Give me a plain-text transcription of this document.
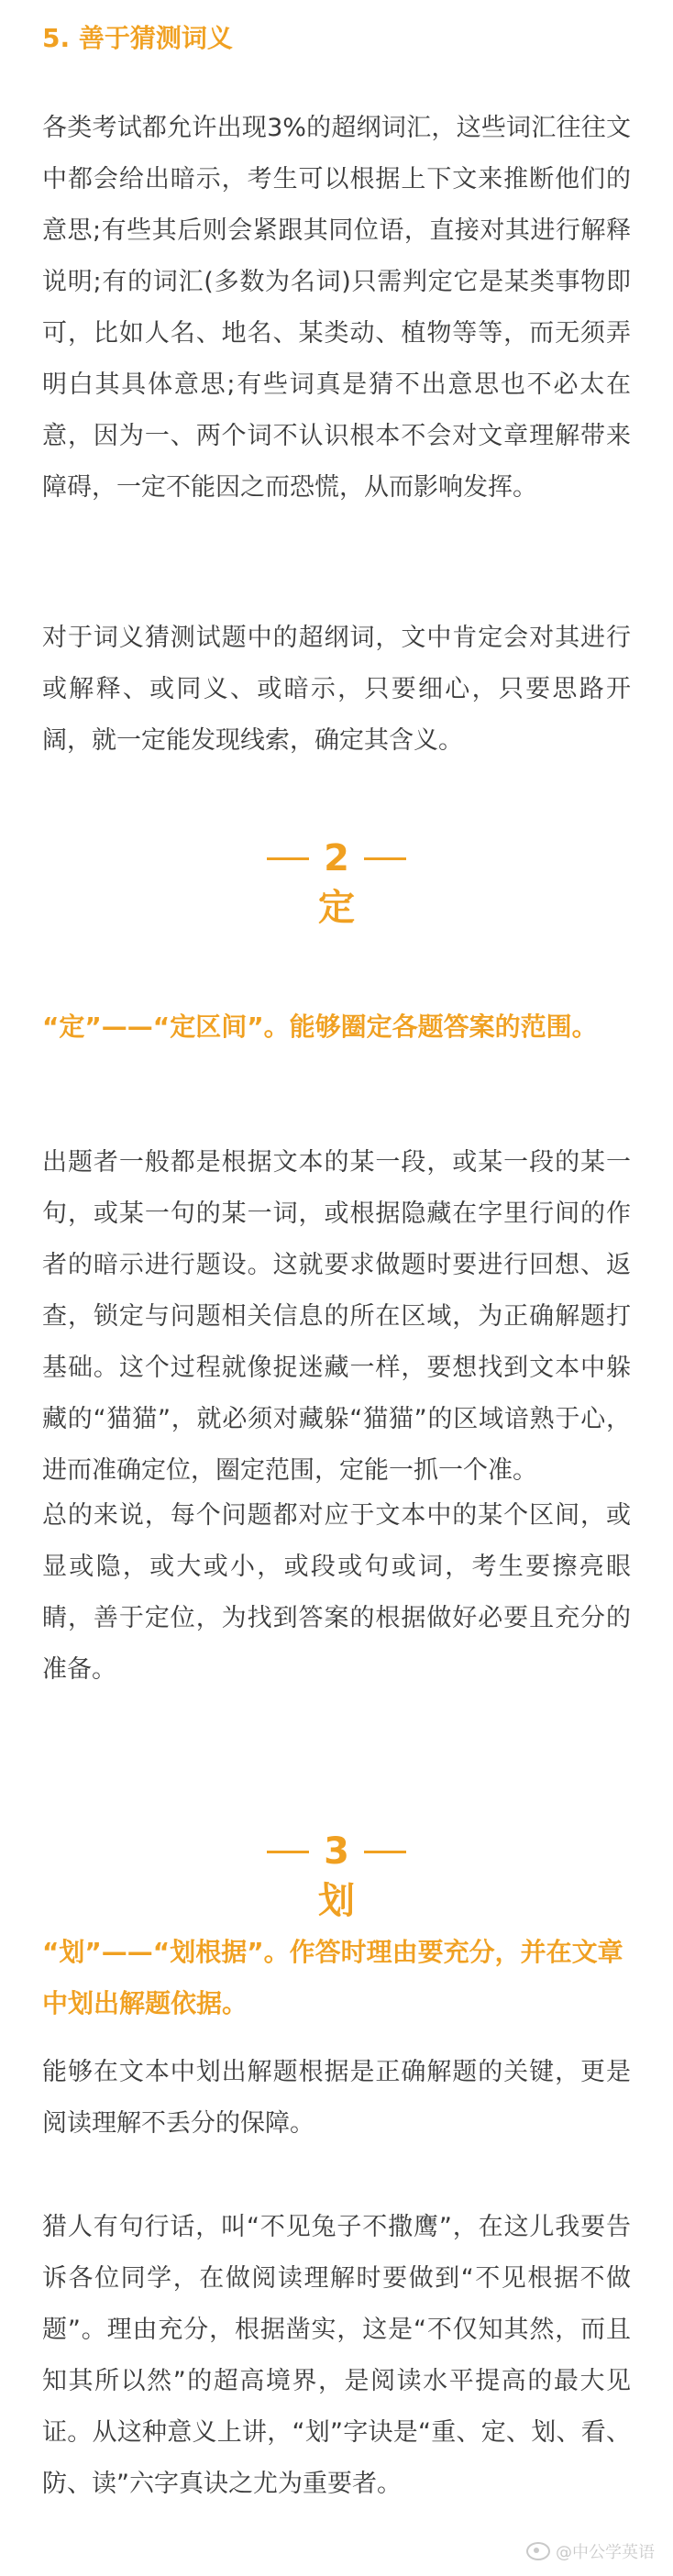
5. 善于猜测词义

各类考试都允许出现3%的超纲词汇，这些词汇往往文中都会给出暗示，考生可以根据上下文来推断他们的意思;有些其后则会紧跟其同位语，直接对其进行解释说明;有的词汇(多数为名词)只需判定它是某类事物即可，比如人名、地名、某类动、植物等等，而无须弄明白其具体意思;有些词真是猜不出意思也不必太在意，因为一、两个词不认识根本不会对文章理解带来障碍，一定不能因之而恐慌，从而影响发挥。

对于词义猜测试题中的超纲词，文中肯定会对其进行或解释、或同义、或暗示，只要细心，只要思路开阔，就一定能发现线索，确定其含义。

2
定
“定”——“定区间”。能够圈定各题答案的范围。

出题者一般都是根据文本的某一段，或某一段的某一句，或某一句的某一词，或根据隐藏在字里行间的作者的暗示进行题设。这就要求做题时要进行回想、返查，锁定与问题相关信息的所在区域，为正确解题打基础。这个过程就像捉迷藏一样，要想找到文本中躲藏的“猫猫”，就必须对藏躲“猫猫”的区域谙熟于心，进而准确定位，圈定范围，定能一抓一个准。

总的来说，每个问题都对应于文本中的某个区间，或显或隐，或大或小，或段或句或词，考生要擦亮眼睛，善于定位，为找到答案的根据做好必要且充分的准备。

3
划
“划”——“划根据”。作答时理由要充分，并在文章中划出解题依据。

能够在文本中划出解题根据是正确解题的关键，更是阅读理解不丢分的保障。

猎人有句行话，叫“不见兔子不撒鹰”，在这儿我要告诉各位同学，在做阅读理解时要做到“不见根据不做题”。理由充分，根据凿实，这是“不仅知其然，而且知其所以然”的超高境界，是阅读水平提高的最大见证。从这种意义上讲，“划”字诀是“重、定、划、看、防、读”六字真诀之尤为重要者。

@中公学英语
